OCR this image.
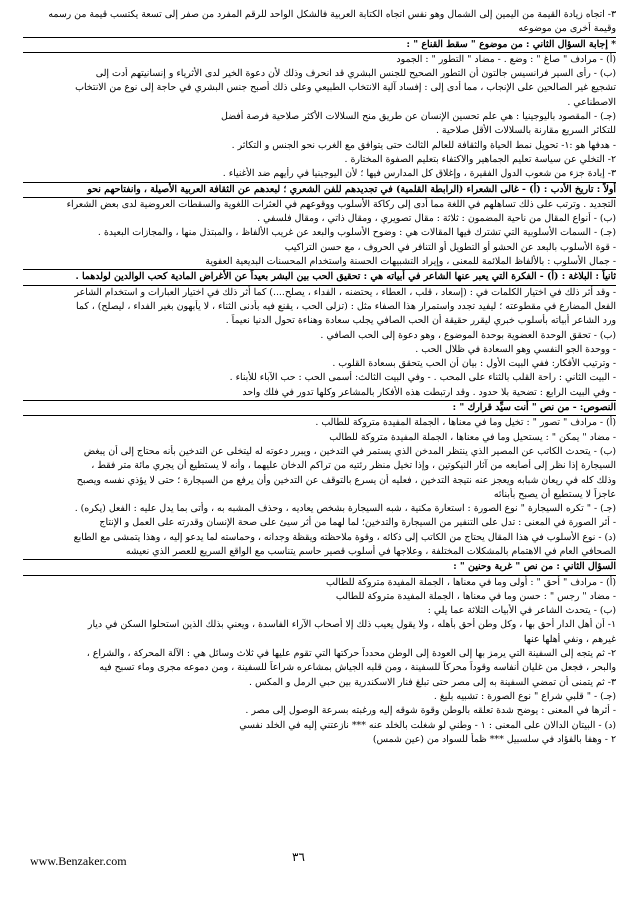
٣- اتجاه زيادة القيمة من اليمين إلى الشمال وهو نفس اتجاه الكتابة العربية فالشكل الواحد للرقم المفرد من صفر إلى تسعة يكتسب قيمة من رسمه
وقيمة أخرى من موضوعه
* إجابة السؤال الثاني : من موضوع " سقط القناع " :
(أ) - مرادف " صاغ " : وضع . - مضاد " التطور " : الجمود
(ب) - رأى السير فرانسيس جالتون أن التطور الصحيح للجنس البشري قد انحرف وذلك لأن دعوة الخير لدى الأثرياء و إنسانيتهم أدت إلى
تشجيع غير الصالحين على الإنجاب ، مما أدى إلى : إفساد آلية الانتخاب الطبيعي وعلى ذلك أصبح جنس البشري في حاجة إلى نوع من الانتخاب
الاصطناعي .
(جـ) - المقصود باليوجينيا : هي علم تحسين الإنسان عن طريق منح السلالات الأكثر صلاحية فرصة أفضل
للتكاثر السريع مقارنة بالسلالات الأقل صلاحية .
- هدفها هو :١- تحويل نمط الحياة والثقافة للعالم الثالث حتى يتوافق مع الغرب نحو الجنس و التكاثر .
٢- التخلي عن سياسة تعليم الجماهير والاكتفاء بتعليم الصفوة المختارة .
٣- إبادة جزء من شعوب الدول الفقيرة ، وإغلاق كل المدارس فيها ؛ لأن اليوجينيا في رأيهم ضد الأغنياء .
أولاً : تاريخ الأدب : (أ) - غالى الشعراء (الرابطة القلمية) في تجديدهم للفن الشعري ؛ لبعدهم عن الثقافة العربية الأصيلة ، وانفتاحهم نحو
التجديد . وترتب على ذلك تساهلهم في اللغة مما أدى إلى ركاكة الأسلوب ووقوعهم في العثرات اللغوية والسقطات العروضية لدى بعض الشعراء
(ب) - أنواع المقال من ناحية المضمون : ثلاثة : مقال تصويري ، ومقال ذاتي ، ومقال فلسفي .
(جـ) - السمات الأسلوبية التي تشترك فيها المقالات هي : وضوح الأسلوب والبعد عن غريب الألفاظ ، والمبتذل منها ، والمجازات البعيدة .
- قوة الأسلوب بالبعد عن الحشو أو التطويل أو التنافر في الحروف ، مع حسن التراكيب
- جمال الأسلوب : بالألفاظ الملائمة للمعنى ، وإيراد التشبيهات الحسنة واستخدام المحسنات البديعية العفوية
ثانياً : البلاغة : (أ) - الفكرة التي يعبر عنها الشاعر في أبياته هي : تحقيق الحب بين البشر بعيداً عن الأغراض المادية كحب الوالدين لولدهما .
- وقد أثر ذلك في اختيار الكلمات في : (إسعاد ، قلب ، العطاء ، يحتضنه ، الفداء ، يصلح....) كما أثر ذلك في اختيار العبارات و استخدام الشاعر
الفعل المضارع في مقطوعته ؛ ليفيد تجدد واستمرار هذا الصفاء مثل : (تزلى الحب ، يقنع فيه بأدنى الثناء ، لا يأبهون بغير الفداء ، ليصلح) ، كما
ورد الشاعر أبياته بأسلوب خبري ليقرر حقيقة أن الحب الصافي يجلب سعادة وهناءة تحول الدنيا نعيماً .
(ب) - تحقق الوحدة العضوية بوحدة الموضوع ، وهو دعوة إلى الحب الصافي .
- ووحدة الجو النفسي وهو السعادة في ظلال الحب .
- وترتيب الأفكار: ففي البيت الأول : بيان أن الحب يتحقق بسعادة القلوب .
- البيت الثاني : راحة القلب بالثناء على المحب . - وفي البيت الثالث: أسمى الحب : حب الآباء للأبناء .
- وفي البيت الرابع : تضحية بلا حدود . وقد ارتبطت هذه الأفكار بالمشاعر وكلها تدور في فلك واحد
النصوص: - من نص " أنت سيِّد قرارك " :
(أ) - مرادف " تصور " : تخيل وما في معناها ، الجملة المفيدة متروكة للطالب .
- مضاد " يمكن " : يستحيل وما في معناها ، الجملة المفيدة متروكة للطالب
(ب) - يتحدث الكاتب عن المصير الذي ينتظر المدخن الذي يستمر في التدخين ، ويبرر دعوته له ليتخلى عن التدخين بأنه محتاج إلى أن يبغض
السيجارة إذا نظر إلى أصابعه من آثار النيكوتين ، وإذا تخيل منظر رئتيه من تراكم الدخان عليهما ، وأنه لا يستطيع أن يجري مائة متر فقط ،
وذلك كله في ريعان شبابه ويعجز عنه نتيجة التدخين ، فعليه أن يسرع بالتوقف عن التدخين وأن يرفع من السيجارة ؛ حتى لا يؤذي نفسه ويصبح
عاجزاً لا يستطيع أن يصبح بأبنائه
(جـ) - " تكره السيجارة " نوع الصورة : استعارة مكنية ، شبه السيجارة بشخص يعاديه ، وحذف المشبه به ، وأتى بما يدل عليه : الفعل (يكره) .
- أثر الصورة في المعنى : تدل على التنفير من السيجارة والتدخين؛ لما لهما من أثر سيئ على صحة الإنسان وقدرته على العمل و الإنتاج
(د) - نوع الأسلوب في هذا المقال يحتاج من الكاتب إلى ذكائه ، وقوة ملاحظته ويقظة وجدانه ، وحماسته لما يدعو إليه ، وهذا يتمشى مع الطابع
الصحافي العام في الاهتمام بالمشكلات المختلفة ، وعلاجها في أسلوب قصير حاسم يتناسب مع الواقع السريع للعصر الذي نعيشه
السؤال الثاني : من نص " غربة وحنين " :
(أ) - مرادف " أحق " : أولى وما في معناها ، الجملة المفيدة متروكة للطالب
- مضاد " رجس " : حسن وما في معناها ، الجملة المفيدة متروكة للطالب
(ب) - يتحدث الشاعر في الأبيات الثلاثة عما يلي :
١- أن أهل الدار أحق بها ، وكل وطن أحق بأهله ، ولا يقول يعيب ذلك إلا أصحاب الآراء الفاسدة ، ويعني بذلك الذين استحلوا السكن في ديار
غيرهم ، ونفي أهلها عنها
٢- ثم يتجه إلى السفينة التي يرمز بها إلى العودة إلى الوطن محدداً حركتها التي تقوم عليها في ثلاث وسائل هي : الآلة المحركة ، والشراع ،
والبحر ، فجعل من غليان أنفاسه وقوداً محركاً للسفينة ، ومن قلبه الجياش بمشاعره شراعاً للسفينة ، ومن دموعه مجرى وماء تسبح فيه
٣- ثم يتمنى أن تمضي السفينة به إلى مصر حتى تبلغ فنار الاسكندرية بين حبي الرمل و المكس .
(جـ) - " قلبي شراع " نوع الصورة : تشبيه بليغ .
- أثرها في المعنى : يوضح شدة تعلقه بالوطن وقوة شوقه إليه ورغبته بسرعة الوصول إلى مصر .
(د) - البيتان الدالان على المعنى : ١ - وطني لو شغلت بالخلد عنه *** نازعتني إليه في الخلد نفسي
٢ - وهفا بالفؤاد في سلسبيل *** ظمأ للسواد من (عين شمس)
www.Benzaker.com	٣٦
